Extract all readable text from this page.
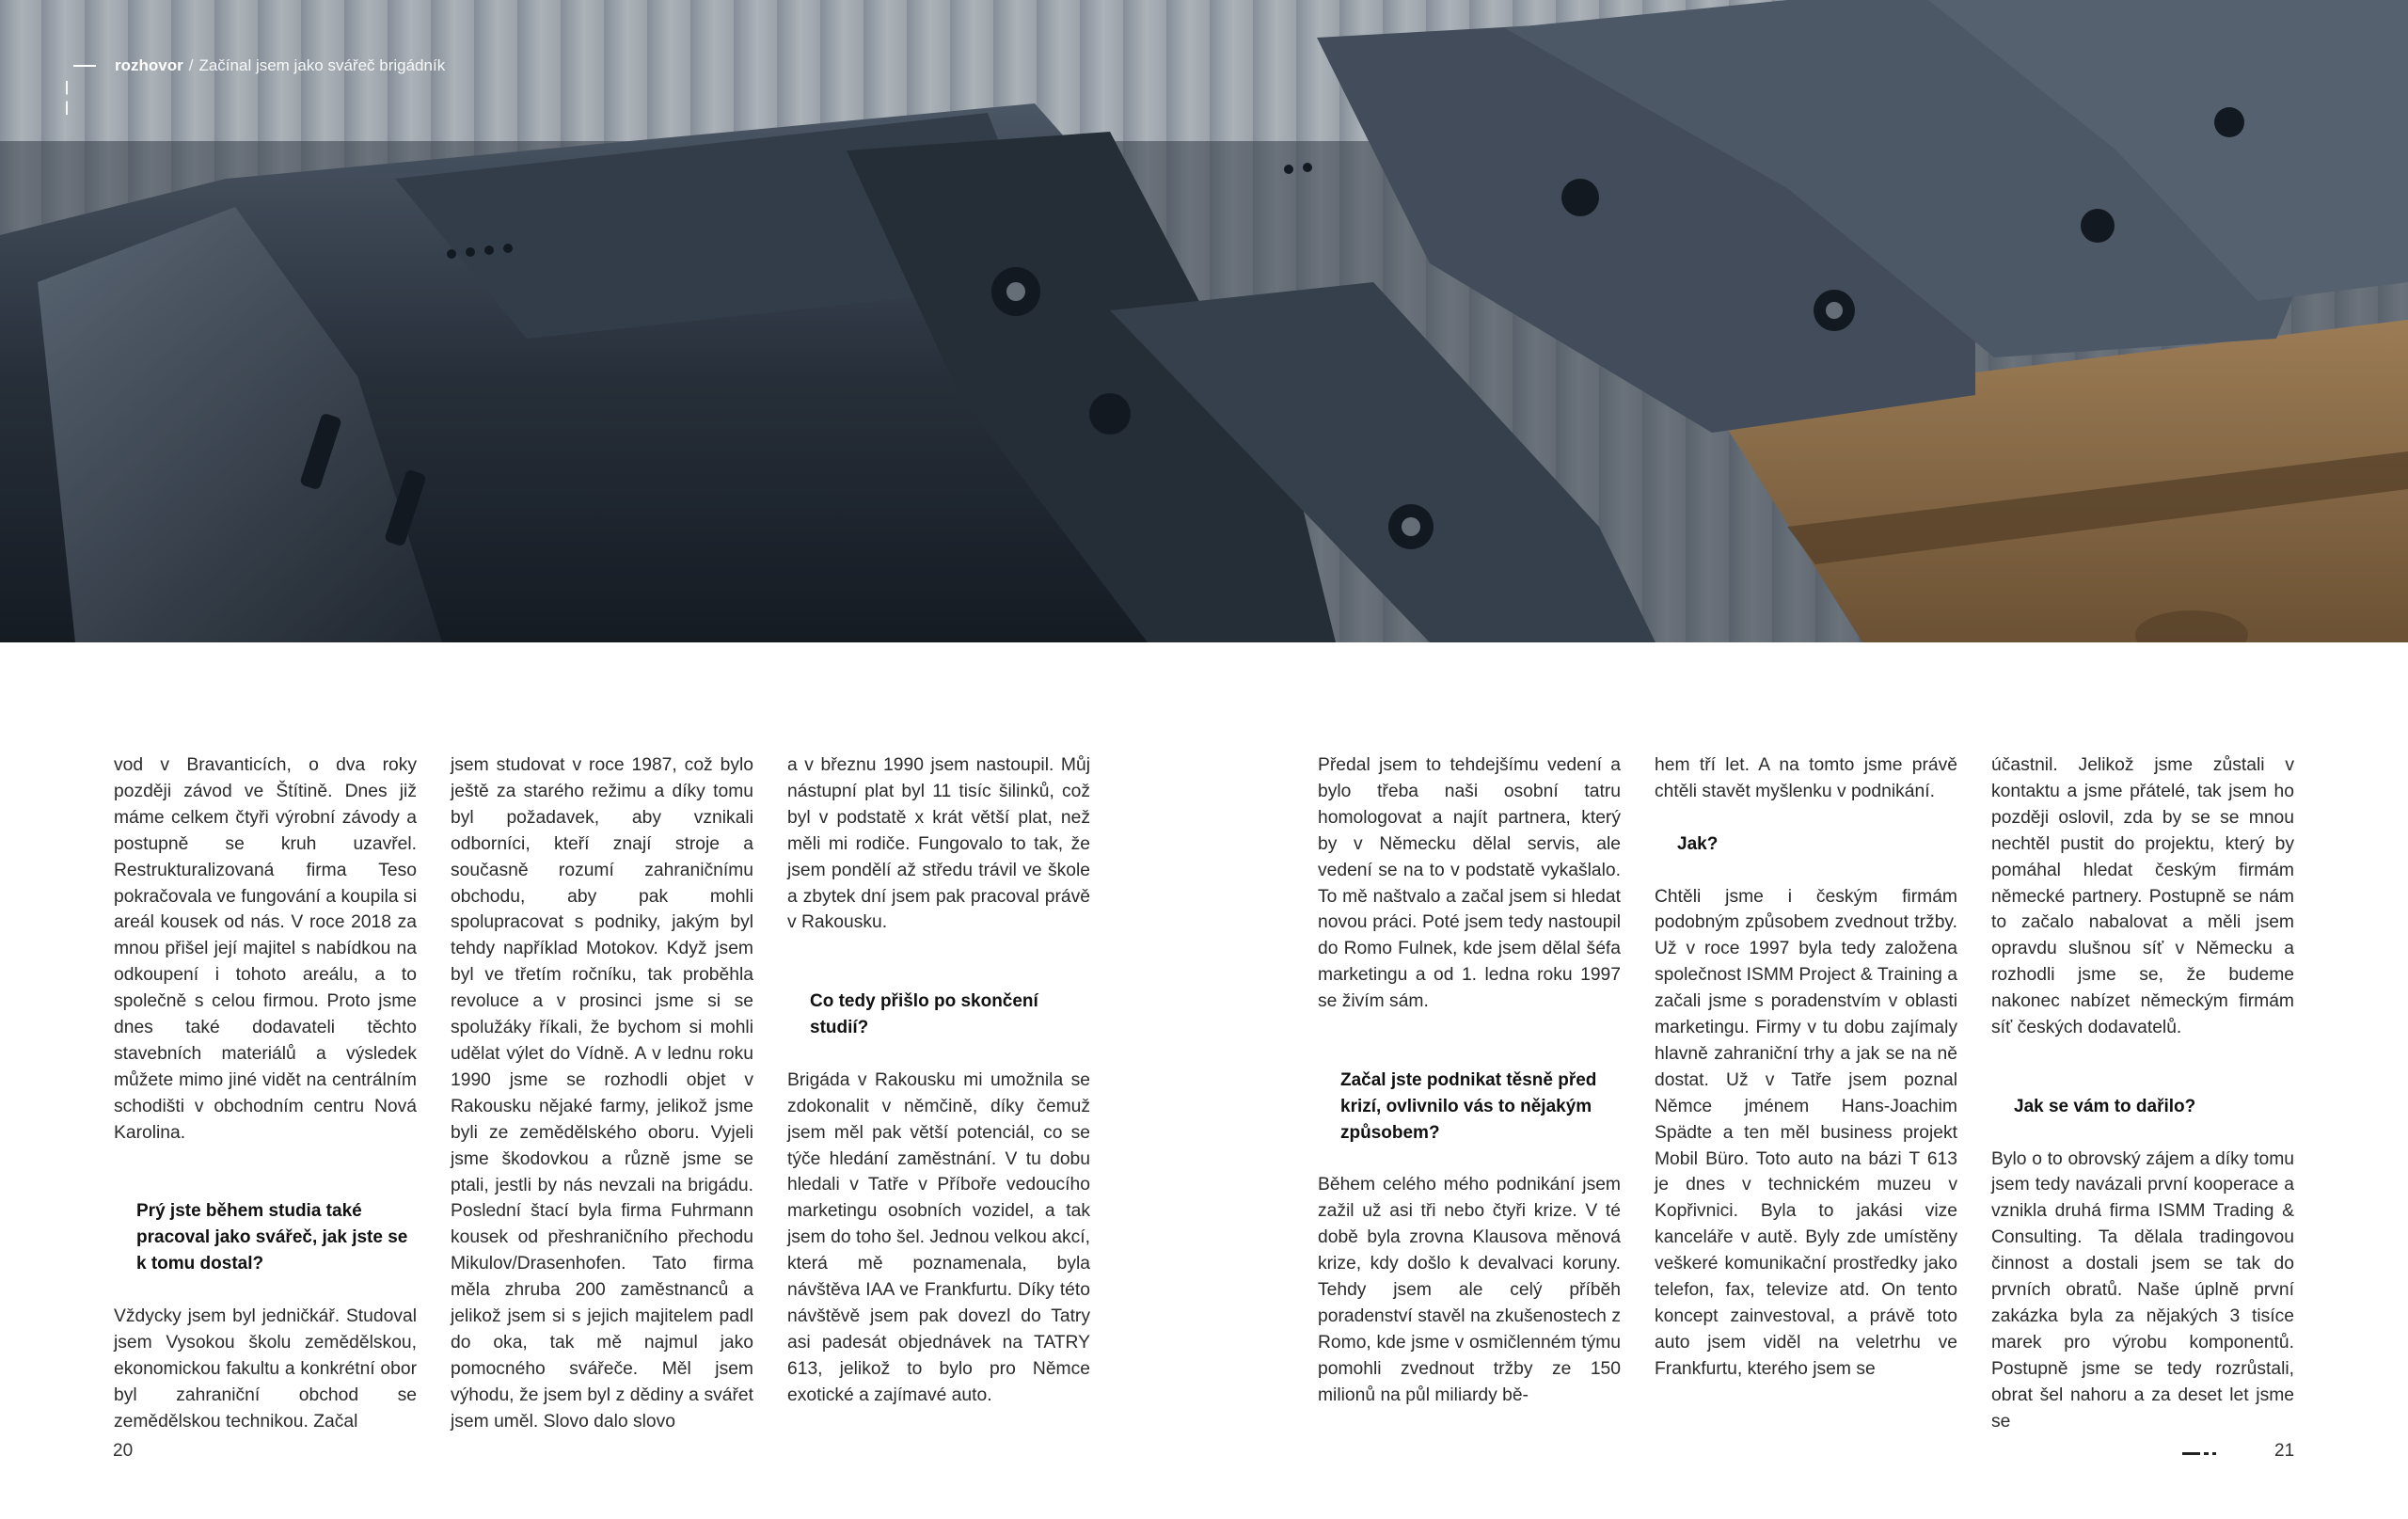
rozhovor / Začínal jsem jako svářeč brigádník

vod v Bravanticích, o dva roky později závod ve Štítině. Dnes již máme celkem čtyři výrobní závody a postupně se kruh uzavřel. Restrukturalizovaná firma Teso pokračovala ve fungování a koupila si areál kousek od nás. V roce 2018 za mnou přišel její majitel s nabídkou na odkoupení i tohoto areálu, a to společně s celou firmou. Proto jsme dnes také dodavateli těchto stavebních materiálů a výsledek můžete mimo jiné vidět na centrálním schodišti v obchodním centru Nová Karolina.

Prý jste během studia také pracoval jako svářeč, jak jste se k tomu dostal?

Vždycky jsem byl jedničkář. Studoval jsem Vysokou školu zemědělskou, ekonomickou fakultu a konkrétní obor byl zahraniční obchod se zemědělskou technikou. Začal

jsem studovat v roce 1987, což bylo ještě za starého režimu a díky tomu byl požadavek, aby vznikali odborníci, kteří znají stroje a současně rozumí zahraničnímu obchodu, aby pak mohli spolupracovat s podniky, jakým byl tehdy například Motokov. Když jsem byl ve třetím ročníku, tak proběhla revoluce a v prosinci jsme si se spolužáky říkali, že bychom si mohli udělat výlet do Vídně. A v lednu roku 1990 jsme se rozhodli objet v Rakousku nějaké farmy, jelikož jsme byli ze zemědělského oboru. Vyjeli jsme škodovkou a různě jsme se ptali, jestli by nás nevzali na brigádu. Poslední štací byla firma Fuhrmann kousek od přeshraničního přechodu Mikulov/Drasenhofen. Tato firma měla zhruba 200 zaměstnanců a jelikož jsem si s jejich majitelem padl do oka, tak mě najmul jako pomocného svářeče. Měl jsem výhodu, že jsem byl z dědiny a svářet jsem uměl. Slovo dalo slovo

a v březnu 1990 jsem nastoupil. Můj nástupní plat byl 11 tisíc šilinků, což byl v podstatě x krát větší plat, než měli mi rodiče. Fungovalo to tak, že jsem pondělí až středu trávil ve škole a zbytek dní jsem pak pracoval právě v Rakousku.

Co tedy přišlo po skončení studií?

Brigáda v Rakousku mi umožnila se zdokonalit v němčině, díky čemuž jsem měl pak větší potenciál, co se týče hledání zaměstnání. V tu dobu hledali v Tatře v Příboře vedoucího marketingu osobních vozidel, a tak jsem do toho šel. Jednou velkou akcí, která mě poznamenala, byla návštěva IAA ve Frankfurtu. Díky této návštěvě jsem pak dovezl do Tatry asi padesát objednávek na TATRY 613, jelikož to bylo pro Němce exotické a zajímavé auto.

Předal jsem to tehdejšímu vedení a bylo třeba naši osobní tatru homologovat a najít partnera, který by v Německu dělal servis, ale vedení se na to v podstatě vykašlalo. To mě naštvalo a začal jsem si hledat novou práci. Poté jsem tedy nastoupil do Romo Fulnek, kde jsem dělal šéfa marketingu a od 1. ledna roku 1997 se živím sám.

Začal jste podnikat těsně před krizí, ovlivnilo vás to nějakým způsobem?

Během celého mého podnikání jsem zažil už asi tři nebo čtyři krize. V té době byla zrovna Klausova měnová krize, kdy došlo k devalvaci koruny. Tehdy jsem ale celý příběh poradenství stavěl na zkušenostech z Romo, kde jsme v osmičlenném týmu pomohli zvednout tržby ze 150 milionů na půl miliardy bě-

hem tří let. A na tomto jsme právě chtěli stavět myšlenku v podnikání.

Jak?

Chtěli jsme i českým firmám podobným způsobem zvednout tržby. Už v roce 1997 byla tedy založena společnost ISMM Project & Training a začali jsme s poradenstvím v oblasti marketingu. Firmy v tu dobu zajímaly hlavně zahraniční trhy a jak se na ně dostat. Už v Tatře jsem poznal Němce jménem Hans-Joachim Spädte a ten měl business projekt Mobil Büro. Toto auto na bázi T 613 je dnes v technickém muzeu v Kopřivnici. Byla to jakási vize kanceláře v autě. Byly zde umístěny veškeré komunikační prostředky jako telefon, fax, televize atd. On tento koncept zainvestoval, a právě toto auto jsem viděl na veletrhu ve Frankfurtu, kterého jsem se

účastnil. Jelikož jsme zůstali v kontaktu a jsme přátelé, tak jsem ho později oslovil, zda by se se mnou nechtěl pustit do projektu, který by pomáhal hledat českým firmám německé partnery. Postupně se nám to začalo nabalovat a měli jsem opravdu slušnou síť v Německu a rozhodli jsme se, že budeme nakonec nabízet německým firmám síť českých dodavatelů.

Jak se vám to dařilo?

Bylo o to obrovský zájem a díky tomu jsem tedy navázali první kooperace a vznikla druhá firma ISMM Trading & Consulting. Ta dělala tradingovou činnost a dostali jsem se tak do prvních obratů. Naše úplně první zakázka byla za nějakých 3 tisíce marek pro výrobu komponentů. Postupně jsme se tedy rozrůstali, obrat šel nahoru a za deset let jsme se

20	21
